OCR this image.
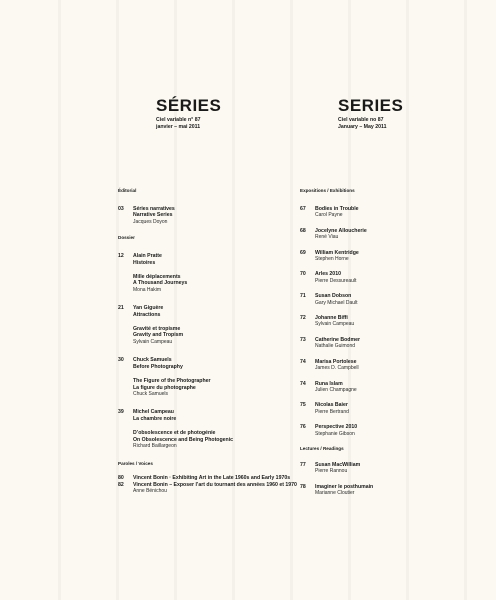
SÉRIES
Ciel variable n° 87
janvier – mai 2011
SERIES
Ciel variable no 87
January – May 2011
Éditorial
03	Séries narratives
Narrative Series
Jacques Doyon
Dossier
12	Alain Pratte
Histoires
Mille déplacements
A Thousand Journeys
Mona Hakim
21	Yan Giguère
Attractions
Gravité et tropisme
Gravity and Tropism
Sylvain Campeau
30	Chuck Samuels
Before Photography
The Figure of the Photographer
La figure du photographe
Chuck Samuels
39	Michel Campeau
La chambre noire
D’obsolescence et de photogénie
On Obsolescence and Being Photogenic
Richard Baillargeon
Paroles / Voices
80	Vincent Bonin · Exhibiting Art in the Late 1960s and Early 1970s
82	Vincent Bonin – Exposer l’art du tournant des années 1960 et 1970
Anne Bénichou
Expositions / Exhibitions
67	Bodies in Trouble
Carol Payne
68	Jocelyne Alloucherie
René Viau
69	William Kentridge
Stephen Horne
70	Arles 2010
Pierre Dessureault
71	Susan Dobson
Gary Michael Dault
72	Johanne Biffi
Sylvain Campeau
73	Catherine Bodmer
Nathalie Guimond
74	Marisa Portolese
James D. Campbell
74	Runa Islam
Julien Champagne
75	Nicolas Baier
Pierre Bertrand
76	Perspective 2010
Stephanie Gibson
Lectures / Readings
77	Susan MacWilliam
Pierre Rannou
78	Imaginer le posthumain
Marianne Cloutier
